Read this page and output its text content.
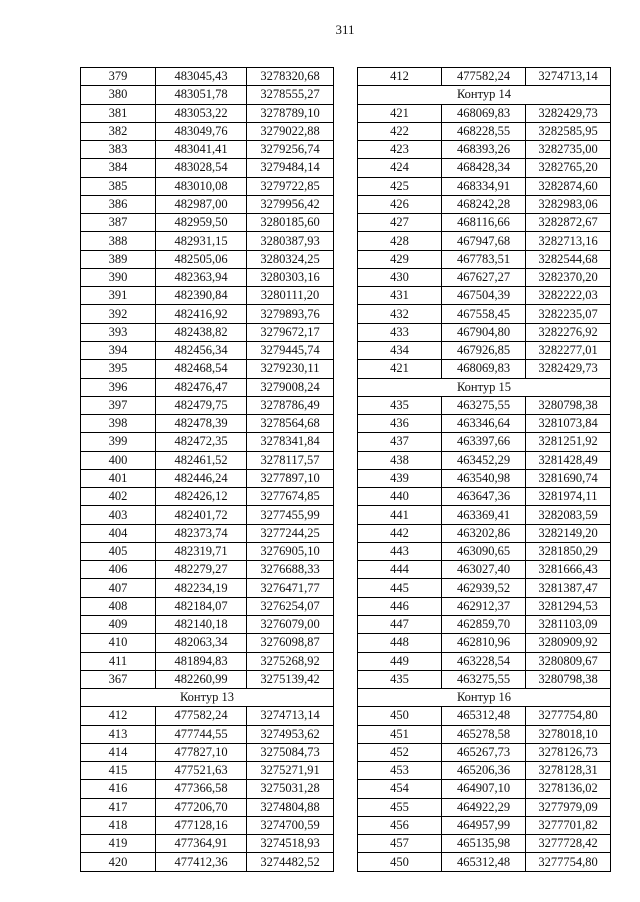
311
379	483045,43	3278320,68
380	483051,78	3278555,27
381	483053,22	3278789,10
382	483049,76	3279022,88
383	483041,41	3279256,74
384	483028,54	3279484,14
385	483010,08	3279722,85
386	482987,00	3279956,42
387	482959,50	3280185,60
388	482931,15	3280387,93
389	482505,06	3280324,25
390	482363,94	3280303,16
391	482390,84	3280111,20
392	482416,92	3279893,76
393	482438,82	3279672,17
394	482456,34	3279445,74
395	482468,54	3279230,11
396	482476,47	3279008,24
397	482479,75	3278786,49
398	482478,39	3278564,68
399	482472,35	3278341,84
400	482461,52	3278117,57
401	482446,24	3277897,10
402	482426,12	3277674,85
403	482401,72	3277455,99
404	482373,74	3277244,25
405	482319,71	3276905,10
406	482279,27	3276688,33
407	482234,19	3276471,77
408	482184,07	3276254,07
409	482140,18	3276079,00
410	482063,34	3276098,87
411	481894,83	3275268,92
367	482260,99	3275139,42
Контур 13		
412	477582,24	3274713,14
413	477744,55	3274953,62
414	477827,10	3275084,73
415	477521,63	3275271,91
416	477366,58	3275031,28
417	477206,70	3274804,88
418	477128,16	3274700,59
419	477364,91	3274518,93
420	477412,36	3274482,52
412	477582,24	3274713,14
Контур 14		
421	468069,83	3282429,73
422	468228,55	3282585,95
423	468393,26	3282735,00
424	468428,34	3282765,20
425	468334,91	3282874,60
426	468242,28	3282983,06
427	468116,66	3282872,67
428	467947,68	3282713,16
429	467783,51	3282544,68
430	467627,27	3282370,20
431	467504,39	3282222,03
432	467558,45	3282235,07
433	467904,80	3282276,92
434	467926,85	3282277,01
421	468069,83	3282429,73
Контур 15		
435	463275,55	3280798,38
436	463346,64	3281073,84
437	463397,66	3281251,92
438	463452,29	3281428,49
439	463540,98	3281690,74
440	463647,36	3281974,11
441	463369,41	3282083,59
442	463202,86	3282149,20
443	463090,65	3281850,29
444	463027,40	3281666,43
445	462939,52	3281387,47
446	462912,37	3281294,53
447	462859,70	3281103,09
448	462810,96	3280909,92
449	463228,54	3280809,67
435	463275,55	3280798,38
Контур 16		
450	465312,48	3277754,80
451	465278,58	3278018,10
452	465267,73	3278126,73
453	465206,36	3278128,31
454	464907,10	3278136,02
455	464922,29	3277979,09
456	464957,99	3277701,82
457	465135,98	3277728,42
450	465312,48	3277754,80
